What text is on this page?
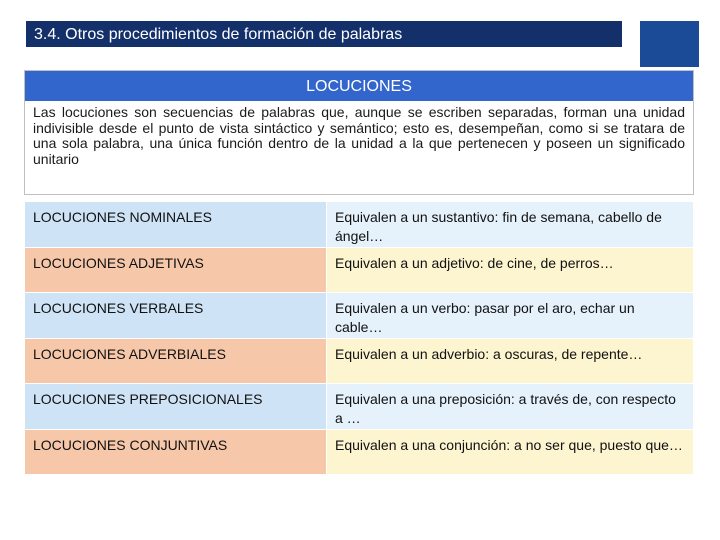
3.4. Otros procedimientos de formación de palabras
LOCUCIONES
Las locuciones son secuencias de palabras que, aunque se escriben separadas, forman una unidad indivisible desde el punto de vista sintáctico y semántico; esto es, desempeñan, como si se tratara de una sola palabra, una única función dentro de la unidad a la que pertenecen y poseen un significado unitario
LOCUCIONES NOMINALES	Equivalen a un sustantivo: fin de semana, cabello de ángel…
LOCUCIONES ADJETIVAS	Equivalen a un adjetivo: de cine, de perros…
LOCUCIONES VERBALES	Equivalen a un verbo: pasar por el aro, echar un cable…
LOCUCIONES ADVERBIALES	Equivalen a un adverbio: a oscuras, de repente…
LOCUCIONES PREPOSICIONALES	Equivalen a una preposición: a través de, con respecto a …
LOCUCIONES CONJUNTIVAS	Equivalen a una conjunción: a no ser que, puesto que…
